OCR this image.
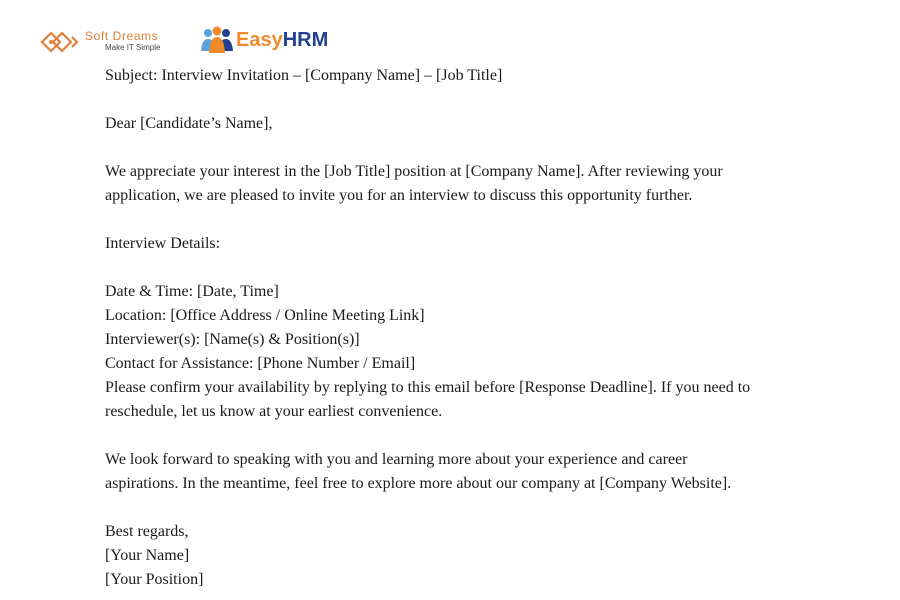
Soft Dreams
Make IT Simple	EasyHRM

Subject: Interview Invitation – [Company Name] – [Job Title]

Dear [Candidate’s Name],

We appreciate your interest in the [Job Title] position at [Company Name]. After reviewing your

application, we are pleased to invite you for an interview to discuss this opportunity further.

Interview Details:

Date & Time: [Date, Time]

Location: [Office Address / Online Meeting Link]

Interviewer(s): [Name(s) & Position(s)]

Contact for Assistance: [Phone Number / Email]

Please confirm your availability by replying to this email before [Response Deadline]. If you need to

reschedule, let us know at your earliest convenience.

We look forward to speaking with you and learning more about your experience and career

aspirations. In the meantime, feel free to explore more about our company at [Company Website].

Best regards,

[Your Name]

[Your Position]
